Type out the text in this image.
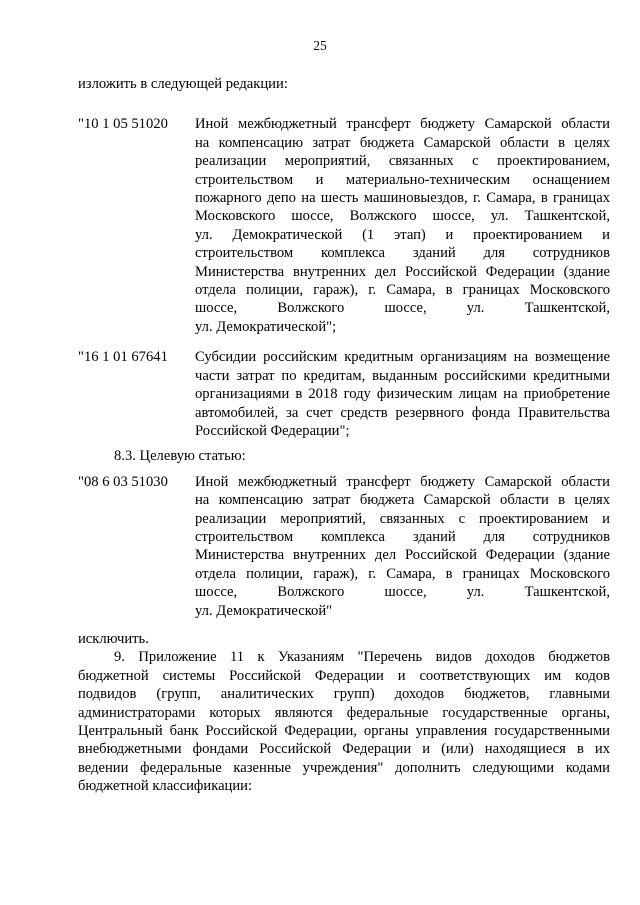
25
изложить в следующей редакции:
"10 1 05 51020	Иной межбюджетный трансферт бюджету Самарской области
на компенсацию затрат бюджета Самарской области в целях
реализации мероприятий, связанных с проектированием,
строительством и материально-техническим оснащением
пожарного депо на шесть машиновыездов, г. Самара, в границах
Московского шоссе, Волжского шоссе, ул. Ташкентской,
ул. Демократической (1 этап) и проектированием и
строительством комплекса зданий для сотрудников
Министерства внутренних дел Российской Федерации (здание
отдела полиции, гараж), г. Самара, в границах Московского
шоссе, Волжского шоссе, ул. Ташкентской,
ул. Демократической";
"16 1 01 67641	Субсидии российским кредитным организациям на возмещение
части затрат по кредитам, выданным российскими кредитными
организациями в 2018 году физическим лицам на приобретение
автомобилей, за счет средств резервного фонда Правительства
Российской Федерации";
8.3. Целевую статью:
"08 6 03 51030	Иной межбюджетный трансферт бюджету Самарской области
на компенсацию затрат бюджета Самарской области в целях
реализации мероприятий, связанных с проектированием и
строительством комплекса зданий для сотрудников
Министерства внутренних дел Российской Федерации (здание
отдела полиции, гараж), г. Самара, в границах Московского
шоссе, Волжского шоссе, ул. Ташкентской,
ул. Демократической"
исключить.
9. Приложение 11 к Указаниям "Перечень видов доходов бюджетов
бюджетной системы Российской Федерации и соответствующих им кодов
подвидов (групп, аналитических групп) доходов бюджетов, главными
администраторами которых являются федеральные государственные органы,
Центральный банк Российской Федерации, органы управления государственными
внебюджетными фондами Российской Федерации и (или) находящиеся в их
ведении федеральные казенные учреждения" дополнить следующими кодами
бюджетной классификации:
